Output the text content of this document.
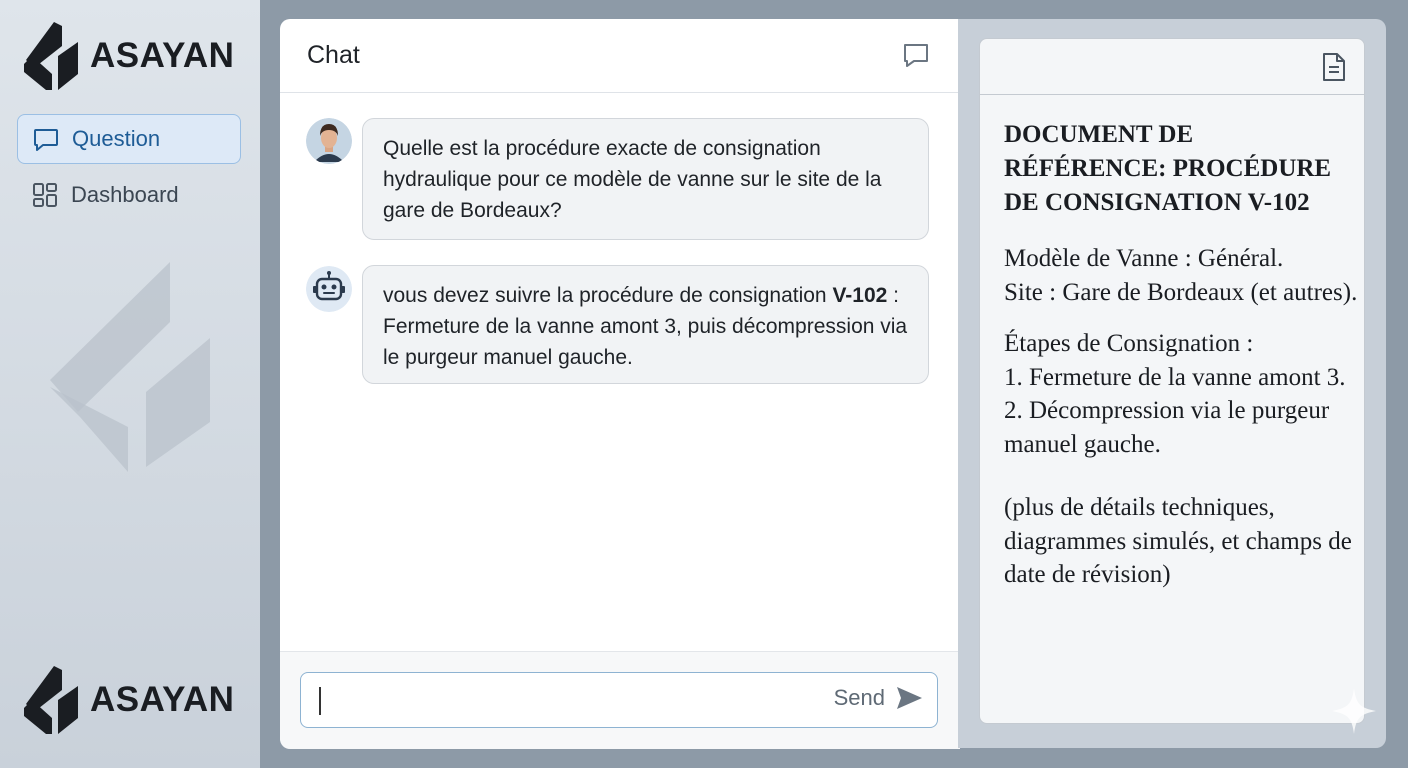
ASAYAN
Question
Dashboard
ASAYAN
Chat
Send
Quelle est la procédure exacte de consignation hydraulique pour ce modèle de vanne sur le site de la gare de Bordeaux?
vous devez suivre la procédure de consignation V-102 : Fermeture de la vanne amont 3, puis décompression via le purgeur manuel gauche.
DOCUMENT DE RÉFÉRENCE: PROCÉDURE DE CONSIGNATION V-102
Modèle de Vanne : Général.
Site : Gare de Bordeaux (et autres).
Étapes de Consignation :
1. Fermeture de la vanne amont 3.
2. Décompression via le purgeur manuel gauche.
(plus de détails techniques, diagrammes simulés, et champs de date de révision)
